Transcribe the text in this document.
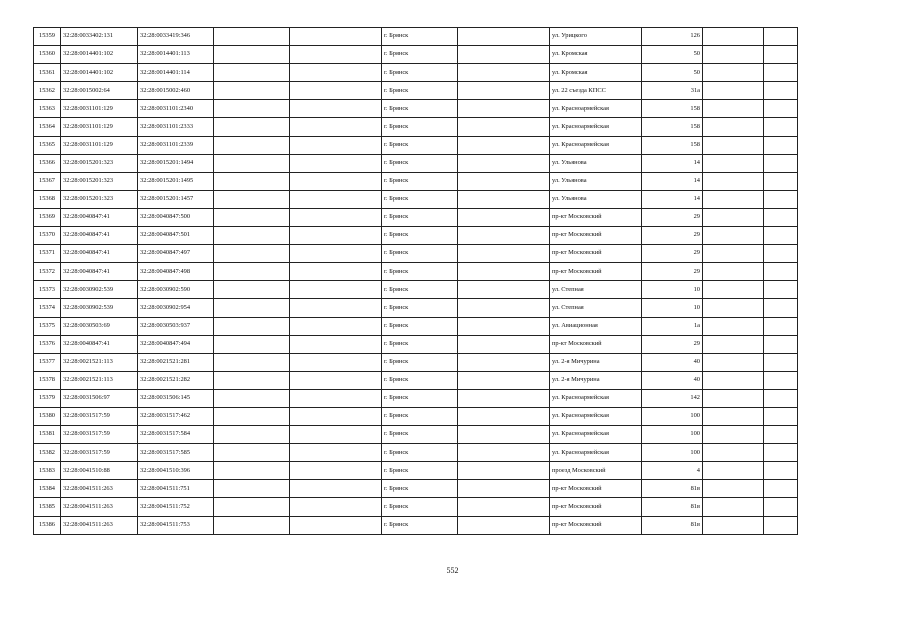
15359	32:28:0033402:131	32:28:0033419:346			г. Брянск		ул. Урицкого	126		
15360	32:28:0014401:102	32:28:0014401:113			г. Брянск		ул. Кромская	50		
15361	32:28:0014401:102	32:28:0014401:114			г. Брянск		ул. Кромская	50		
15362	32:28:0015002:64	32:28:0015002:460			г. Брянск		ул. 22 съезда КПСС	31а		
15363	32:28:0031101:129	32:28:0031101:2340			г. Брянск		ул. Красноармейская	158		
15364	32:28:0031101:129	32:28:0031101:2333			г. Брянск		ул. Красноармейская	158		
15365	32:28:0031101:129	32:28:0031101:2339			г. Брянск		ул. Красноармейская	158		
15366	32:28:0015201:323	32:28:0015201:1494			г. Брянск		ул. Ульянова	14		
15367	32:28:0015201:323	32:28:0015201:1495			г. Брянск		ул. Ульянова	14		
15368	32:28:0015201:323	32:28:0015201:1457			г. Брянск		ул. Ульянова	14		
15369	32:28:0040847:41	32:28:0040847:500			г. Брянск		пр-кт Московский	29		
15370	32:28:0040847:41	32:28:0040847:501			г. Брянск		пр-кт Московский	29		
15371	32:28:0040847:41	32:28:0040847:497			г. Брянск		пр-кт Московский	29		
15372	32:28:0040847:41	32:28:0040847:498			г. Брянск		пр-кт Московский	29		
15373	32:28:0030902:539	32:28:0030902:590			г. Брянск		ул. Степная	10		
15374	32:28:0030902:539	32:28:0030902:954			г. Брянск		ул. Степная	10		
15375	32:28:0030503:69	32:28:0030503:937			г. Брянск		ул. Авиационная	1а		
15376	32:28:0040847:41	32:28:0040847:494			г. Брянск		пр-кт Московский	29		
15377	32:28:0021521:113	32:28:0021521:281			г. Брянск		ул. 2-я Мичурина	40		
15378	32:28:0021521:113	32:28:0021521:282			г. Брянск		ул. 2-я Мичурина	40		
15379	32:28:0031506:97	32:28:0031506:145			г. Брянск		ул. Красноармейская	142		
15380	32:28:0031517:59	32:28:0031517:462			г. Брянск		ул. Красноармейская	100		
15381	32:28:0031517:59	32:28:0031517:584			г. Брянск		ул. Красноармейская	100		
15382	32:28:0031517:59	32:28:0031517:585			г. Брянск		ул. Красноармейская	100		
15383	32:28:0041510:88	32:28:0041510:396			г. Брянск		проезд Московский	4		
15384	32:28:0041511:263	32:28:0041511:751			г. Брянск		пр-кт Московский	81в		
15385	32:28:0041511:263	32:28:0041511:752			г. Брянск		пр-кт Московский	81в		
15386	32:28:0041511:263	32:28:0041511:753			г. Брянск		пр-кт Московский	81в		
552
